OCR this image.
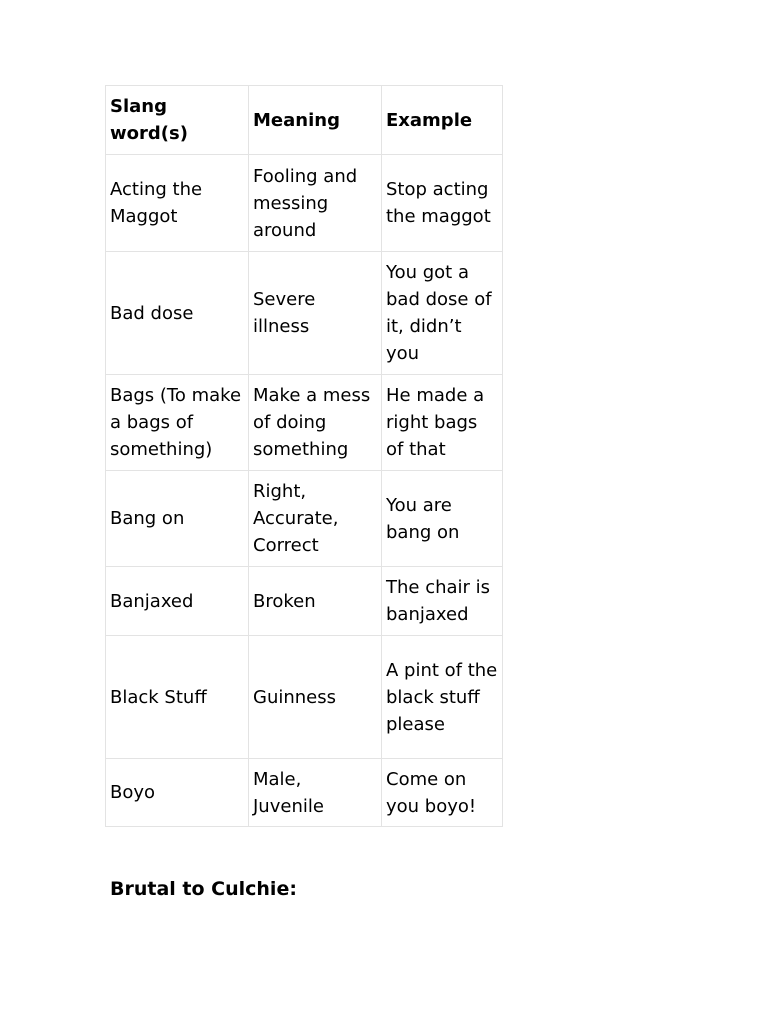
Slang word(s)	Meaning	Example
Acting the Maggot	Fooling and messing around	Stop acting the maggot
Bad dose	Severe illness	You got a bad dose of it, didn’t you
Bags (To make a bags of something)	Make a mess of doing something	He made a right bags of that
Bang on	Right, Accurate, Correct	You are bang on
Banjaxed	Broken	The chair is banjaxed
Black Stuff	Guinness	A pint of the black stuff please
Boyo	Male, Juvenile	Come on you boyo!
Brutal to Culchie:
